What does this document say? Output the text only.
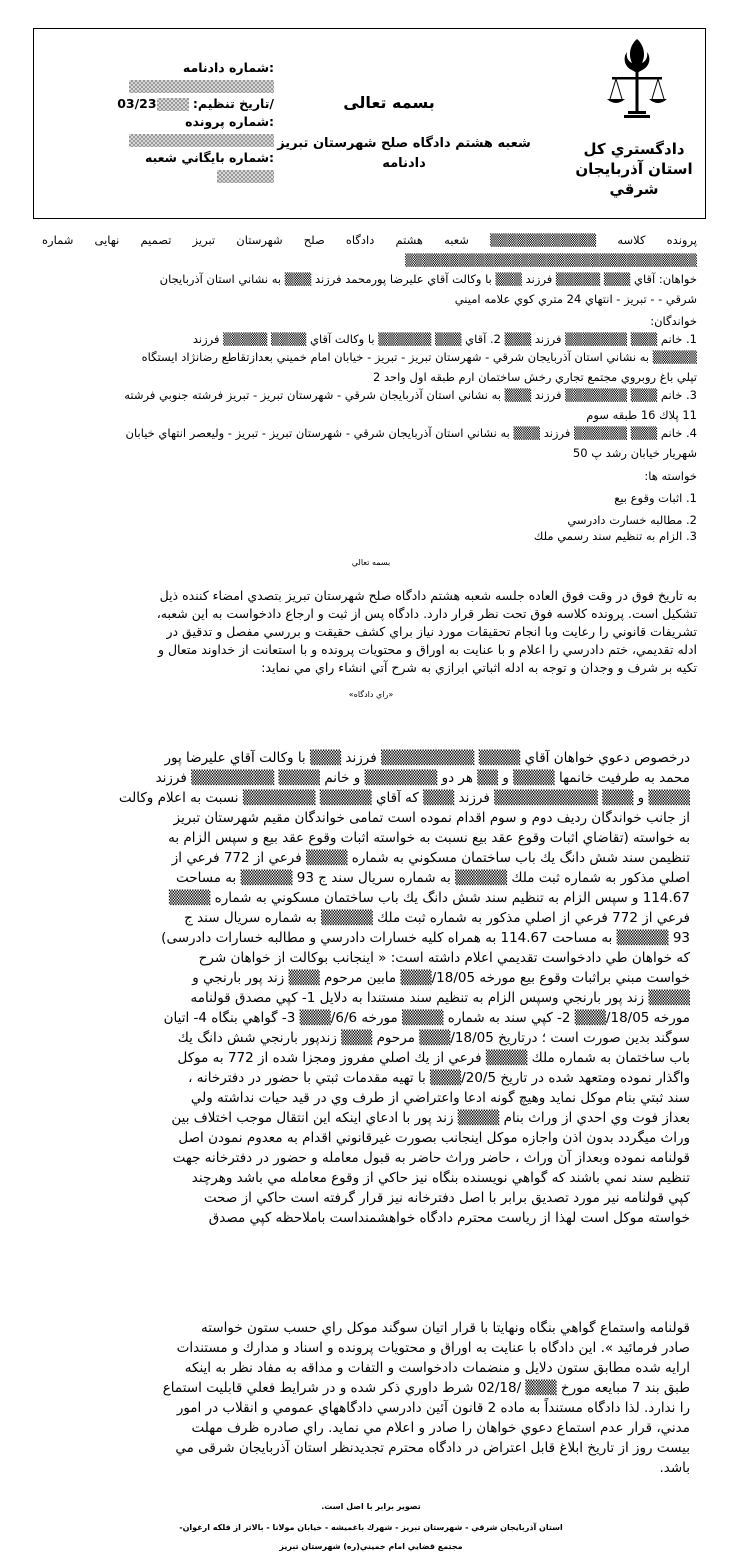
دادگستري کل
استان آذربايجان
شرقي
بسمه تعالی
شعبه هشتم دادگاه صلح شهرستان تبريز
دادنامه
شماره دادنامه:
تاريخ تنظيم: 03/23/
شماره پرونده:
شماره بايگاني شعبه:
پرونده کلاسه ▒▒▒▒▒▒▒▒▒▒▒▒ شعبه هشتم دادگاه صلح شهرستان تبريز تصميم نهايی شماره
▒▒▒▒▒▒▒▒▒▒▒▒▒▒▒▒▒▒▒▒▒▒▒▒▒▒▒▒▒▒▒▒▒
خواهان: آقاي ▒▒▒ ▒▒▒▒▒ فرزند ▒▒▒ با وكالت آقاي عليرضا پورمحمد فرزند ▒▒▒ به نشاني استان آذربايجان
شرقي - - تبريز - انتهاي 24 متري كوي علامه اميني
خواندگان:
1. خانم ▒▒▒ ▒▒▒▒▒▒▒ فرزند ▒▒▒ 2. آقاي ▒▒▒ ▒▒▒▒▒▒ با وكالت آقاي ▒▒▒▒ ▒▒▒▒▒ فرزند
▒▒▒▒▒ به نشاني استان آذربايجان شرقي - شهرستان تبريز - تبريز - خيابان امام خميني بعدازتقاطع رضانژاد ايستگاه
تپلي باغ روبروي مجتمع تجاري رخش ساختمان ارم طبقه اول واحد 2
3. خانم ▒▒▒ ▒▒▒▒▒▒▒ فرزند ▒▒▒ به نشاني استان آذربايجان شرقي - شهرستان تبريز - تبريز فرشته جنوبي فرشته
11 پلاك 16 طبقه سوم
4. خانم ▒▒▒ ▒▒▒▒▒▒ فرزند ▒▒▒ به نشاني استان آذربايجان شرقي - شهرستان تبريز - تبريز - وليعصر انتهاي خيابان
شهريار خيابان رشد پ 50
خواسته ها:
1. اثبات وقوع بيع
2. مطالبه خسارت دادرسي
3. الزام به تنظيم سند رسمي ملك
بسمه تعالي
به تاريخ فوق در وقت فوق العاده جلسه شعبه هشتم دادگاه صلح شهرستان تبريز بتصدي امضاء كننده ذيل
تشكيل است. پرونده كلاسه فوق تحت نظر قرار دارد. دادگاه پس از ثبت و ارجاع دادخواست به اين شعبه،
تشريفات قانوني را رعايت وبا انجام تحقيقات مورد نياز براي كشف حقيقت و بررسي مفصل و تدقيق در
ادله تقديمي، ختم دادرسي را اعلام و با عنايت به اوراق و محتويات پرونده و با استعانت از خداوند متعال و
تكيه بر شرف و وجدان و توجه به ادله اثباتي ابرازي به شرح آتي انشاء راي مي نمايد:
«راي دادگاه»
درخصوص دعوي خواهان آقاي ▒▒▒▒ ▒▒▒▒▒▒▒▒▒ فرزند ▒▒▒ با وكالت آقاي عليرضا پور
محمد به طرفيت خانمها ▒▒▒▒ و ▒▒ هر دو ▒▒▒▒▒▒▒ و خانم ▒▒▒▒ ▒▒▒▒▒▒▒▒ فرزند
▒▒▒▒ و ▒▒▒ ▒▒▒▒▒▒▒▒▒▒ فرزند ▒▒▒ كه آقاي ▒▒▒▒▒ ▒▒▒▒▒▒▒ نسبت به اعلام وكالت
از جانب خواندگان رديف دوم و سوم اقدام نموده است تمامی خواندگان مقيم شهرستان تبريز
به خواسته (تقاضاي اثبات وقوع عقد بيع نسبت به خواسته اثبات وقوع عقد بيع و سپس الزام به
تنظيمن سند شش دانگ يك باب ساختمان مسكوني به شماره ▒▒▒▒ فرعي از 772 فرعي از
اصلي مذكور به شماره ثبت ملك ▒▒▒▒▒ به شماره سريال سند ج 93 ▒▒▒▒▒ به مساحت
114.67 و سپس الزام به تنظيم سند شش دانگ يك باب ساختمان مسكوني به شماره ▒▒▒▒
فرعي از 772 فرعي از اصلي مذكور به شماره ثبت ملك ▒▒▒▒▒ به شماره سريال سند ج
93 ▒▒▒▒▒ به مساحت 114.67 به همراه كليه خسارات دادرسي و مطالبه خسارات دادرسی)
كه خواهان طي دادخواست تقديمي اعلام داشته است: « اينجانب بوكالت از خواهان شرح
خواست مبني براثبات وقوع بيع مورخه 18/05/▒▒▒ مابين مرحوم ▒▒▒ زند پور بارنجي و
▒▒▒▒ زند پور بارنجي وسپس الزام به تنظيم سند مستندا به دلايل 1- كپي مصدق قولنامه
مورخه 18/05/▒▒▒ 2- كپي سند به شماره ▒▒▒▒ مورخه 6/6/▒▒▒ 3- گواهي بنگاه 4- اتيان
سوگند بدين صورت است ؛ درتاريخ 18/05/▒▒▒ مرحوم ▒▒▒ زندپور بارنجي شش دانگ يك
باب ساختمان به شماره ملك ▒▒▒▒ فرعي از يك اصلي مفروز ومجزا شده از 772 به موكل
واگذار نموده ومتعهد شده در تاريخ 20/5/▒▒▒ با تهيه مقدمات ثبتي با حضور در دفترخانه ،
سند ثبتي بنام موكل نمايد وهيچ گونه ادعا واعتراضي از طرف وي در قيد حيات نداشته ولي
بعداز فوت وي احدي از وراث بنام ▒▒▒▒ زند پور با ادعاي اينكه اين انتقال موجب اختلاف بين
وراث ميگردد بدون اذن واجازه موكل اينجانب بصورت غيرقانوني اقدام به معدوم نمودن اصل
قولنامه نموده وبعداز آن وراث ، حاضر وراث حاضر به قبول معامله و حضور در دفترخانه جهت
تنظيم سند نمي باشند كه گواهي نويسنده بنگاه نيز حاكي از وقوع معامله مي باشد وهرچند
كپي قولنامه نير مورد تصديق برابر با اصل دفترخانه نيز قرار گرفته است حاكي از صحت
خواسته موكل است لهذا از رياست محترم دادگاه خواهشمنداست باملاحظه كپي مصدق
قولنامه واستماع گواهي بنگاه ونهايتا با قرار اتيان سوگند موكل راي حسب ستون خواسته
صادر فرمائيد ». اين دادگاه با عنايت به اوراق و محتويات پرونده و اسناد و مدارك و مستندات
ارايه شده مطابق ستون دلايل و منضمات دادخواست و التفات و مداقه به مفاد نظر به اينكه
طبق بند 7 مبايعه مورخ ▒▒▒ /02/18 شرط داوري ذكر شده و در شرايط فعلي قابليت استماع
را ندارد. لذا دادگاه مستنداً به ماده 2 قانون آئين دادرسي دادگاههاي عمومي و انقلاب در امور
مدني، قرار عدم استماع دعوي خواهان را صادر و اعلام مي نمايد. راي صادره ظرف مهلت
بيست روز از تاريخ ابلاغ قابل اعتراض در دادگاه محترم تجديدنظر استان آذربايجان شرقی مي
باشد.
تصوير برابر با اصل است.
استان آذربايجان شرقي - شهرستان تبريز - شهرك باغميشه - خيابان مولانا - بالاتر از فلكه ارغوان-
مجتمع قضايي امام خميني(ره) شهرستان تبريز
